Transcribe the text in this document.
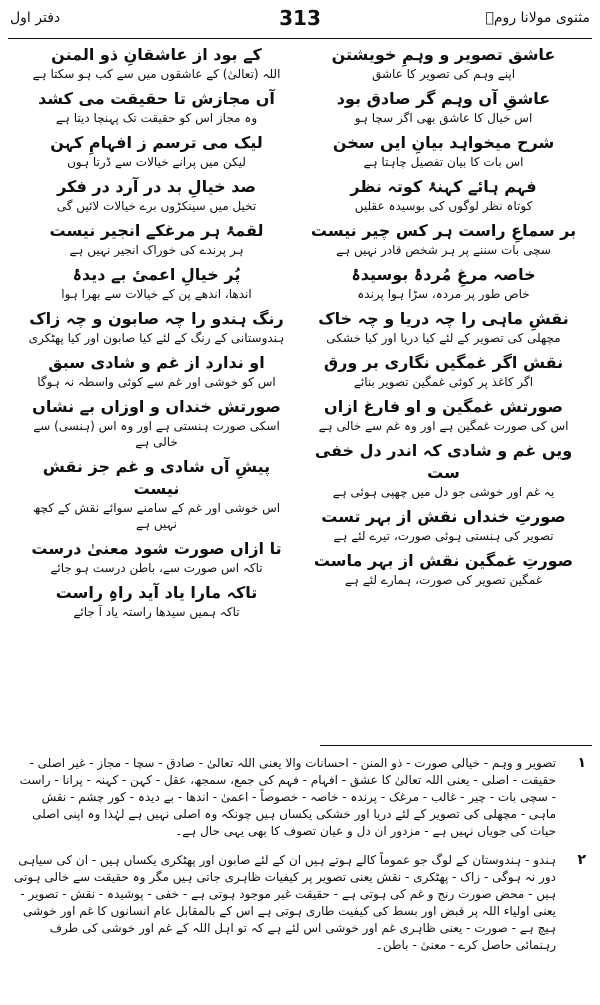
دفتر اول	313	مثنوی مولانا رومؒ

کے بود از عاشقانِ ذو المنن

اللہ (تعالیٰ) کے عاشقوں میں سے کب ہو سکتا ہے

آں مجازش تا حقیقت می کشد

وہ مجاز اس کو حقیقت تک پہنچا دیتا ہے

لیک می ترسم ز افہامِ کہن

لیکن میں پرانے خیالات سے ڈرتا ہوں

صد خیالِ بد در آرد در فکر

تخیل میں سینکڑوں برے خیالات لائیں گی

لقمۂ ہر مرغکے انجیر نیست

ہر پرندے کی خوراک انجیر نہیں ہے

پُر خیالِ اعمیٔ بے دیدۂ

اندھا، اندھے پن کے خیالات سے بھرا ہوا

رنگ ہندو را چہ صابون و چہ زاک

ہندوستانی کے رنگ کے لئے کیا صابون اور کیا پھٹکری

او ندارد از غم و شادی سبق

اس کو خوشی اور غم سے کوئی واسطہ نہ ہوگا

صورتش خنداں و اوزاں بے نشاں

اسکی صورت ہنستی ہے اور وہ اس (ہنسی) سے خالی ہے

پیشِ آں شادی و غم جز نقش نیست

اس خوشی اور غم کے سامنے سوائے نقش کے کچھ نہیں ہے

تا ازاں صورت شود معنیٰ درست

تاکہ اس صورت سے، باطن درست ہو جائے

تاکہ مارا یاد آید راہِ راست

تاکہ ہمیں سیدھا راستہ یاد آ جائے

عاشق تصویر و وہمِ خویشتن

اپنے وہم کی تصویر کا عاشق

عاشقِ آں وہم گر صادق بود

اس خیال کا عاشق بھی اگر سچا ہو

شرح میخواہد بیانِ ایں سخن

اس بات کا بیان تفصیل چاہتا ہے

فہم ہائے کہنۂ کوتہ نظر

کوتاہ نظر لوگوں کی بوسیدہ عقلیں

بر سماعِ راست ہر کس چیر نیست

سچی بات سننے پر ہر شخص قادر نہیں ہے

خاصہ مرغِ مُردۂ بوسیدۂ

خاص طور پر مردہ، سڑا ہوا پرندہ

نقشِ ماہی را چہ دریا و چہ خاک

مچھلی کی تصویر کے لئے کیا دریا اور کیا خشکی

نقش اگر غمگیں نگاری بر ورق

اگر کاغذ پر کوئی غمگین تصویر بنائے

صورتش غمگین و او فارغ ازاں

اس کی صورت غمگین ہے اور وہ غم سے خالی ہے

ویں غم و شادی کہ اندر دل خفی ست

یہ غم اور خوشی جو دل میں چھپی ہوئی ہے

صورتِ خنداں نقش از بہر تست

تصویر کی ہنستی ہوئی صورت، تیرے لئے ہے

صورتِ غمگین نقش از بہر ماست

غمگین تصویر کی صورت، ہمارے لئے ہے

۱
تصویر و وہم - خیالی صورت - ذو المنن - احسانات والا یعنی اللہ تعالیٰ - صادق - سچا - مجاز - غیر اصلی - حقیقت - اصلی - یعنی اللہ تعالیٰ کا عشق - افہام - فہم کی جمع، سمجھ، عقل - کہن - کہنہ - پرانا - راست - سچی بات - چیر - غالب - مرغک - پرندہ - خاصہ - خصوصاً - اعمیٰ - اندھا - بے دیدہ - کور چشم - نقش ماہی - مچھلی کی تصویر کے لئے دریا اور خشکی یکساں ہیں چونکہ وہ اصلی نہیں ہے لہٰذا وہ اپنی اصلی حیات کی جویاں نہیں ہے - مزدور ان دل و عیان تصوف کا بھی یہی حال ہے۔
۲
ہندو - ہندوستان کے لوگ جو عموماً کالے ہوتے ہیں ان کے لئے صابون اور پھٹکری یکساں ہیں - ان کی سیاہی دور نہ ہوگی - زاک - پھٹکری - نقش یعنی تصویر پر کیفیات ظاہری جاتی ہیں مگر وہ حقیقت سے خالی ہوتی ہیں - محض صورت رنج و غم کی ہوتی ہے - حقیقت غیر موجود ہوتی ہے - خفی - پوشیدہ - نقش - تصویر - یعنی اولیاء اللہ پر قبض اور بسط کی کیفیت طاری ہوتی ہے اس کے بالمقابل عام انسانوں کا غم اور خوشی ہیچ ہے - صورت - یعنی ظاہری غم اور خوشی اس لئے ہے کہ تو اہل اللہ کے غم اور خوشی کی طرف رہنمائی حاصل کرے - معنیٰ - باطن۔
